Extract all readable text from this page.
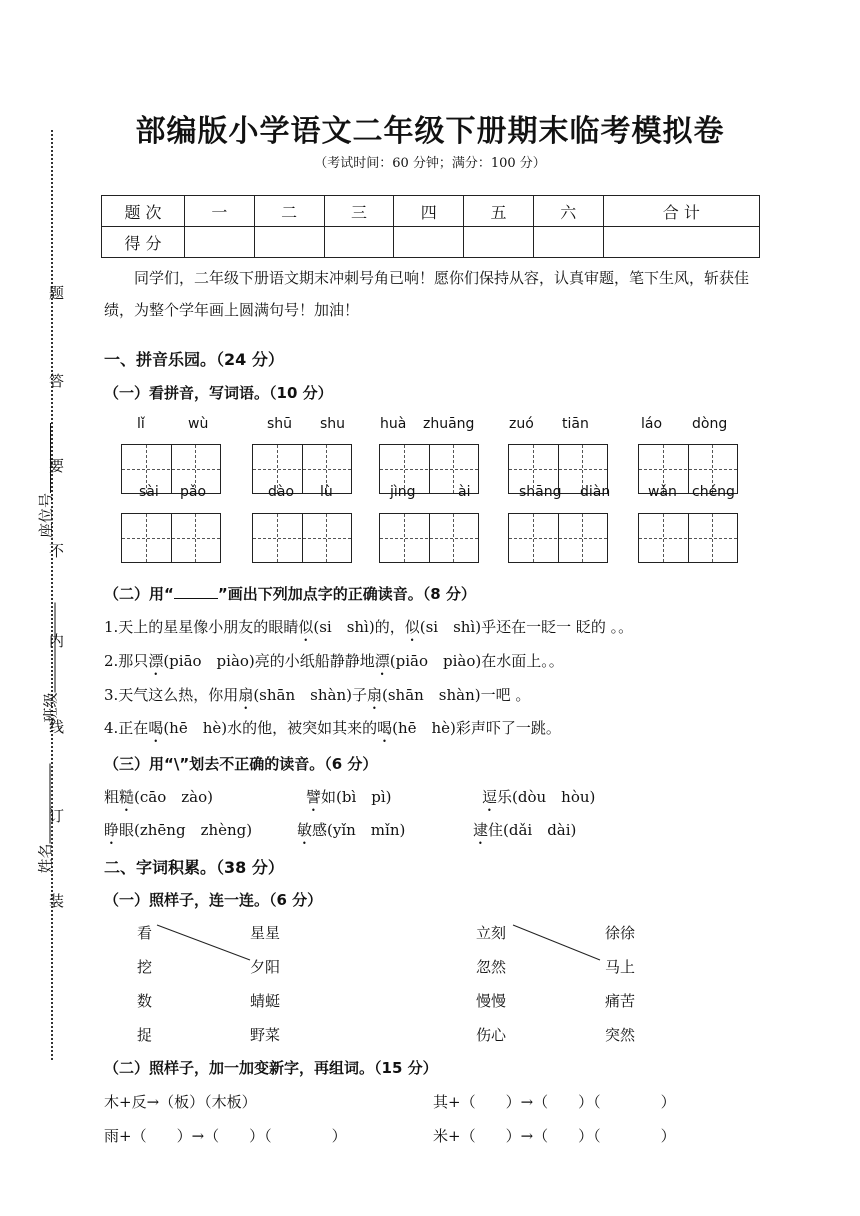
题
答
要
不
内
线
订
装
座位号
班级
姓名
部编版小学语文二年级下册期末临考模拟卷
（考试时间：60 分钟；满分：100 分）
题 次	一	二	三	四	五	六	合 计
得 分							
同学们，二年级下册语文期末冲刺号角已响！愿你们保持从容，认真审题，笔下生风，斩获佳绩，为整个学年画上圆满句号！加油！
一、拼音乐园。（24 分）
（一）看拼音，写词语。（10 分）
lǐ	wù	shū shu huà zhuāng zuó tiān	láo dòng
sài pǎo	dào lù	jìng	ài	shāng diàn	wǎn chéng
（二）用“	”画出下列加点字的正确读音。（8 分）
1.天上的星星像小朋友的眼睛似(si　shì)的，似(si　shì)乎还在一眨一 眨的 。。
2.那只漂(piāo　piào)亮的小纸船静静地漂(piāo　piào)在水面上。。
3.天气这么热，你用扇(shān　shàn)子扇(shān　shàn)一吧 。
4.正在喝(hē　hè)水的他，被突如其来的喝(hē　hè)彩声吓了一跳。
（三）用“\”划去不正确的读音。（6 分）
粗糙(cāo　zào)	譬如(bì　pì)	逗乐(dòu　hòu)
睁眼(zhēng　zhèng)	敏感(yǐn　mǐn)	逮住(dǎi　dài)
二、字词积累。（38 分）
（一）照样子，连一连。（6 分）
看
挖
数
捉
星星
夕阳
蜻蜓
野菜
立刻
忽然
慢慢
伤心
徐徐
马上
痛苦
突然
（二）照样子，加一加变新字，再组词。（15 分）
木+反→（板）（木板）	其+（　　）→（　　）（　　　　）
雨+（　　）→（　　）（　　　　）	米+（　　）→（　　）（　　　　）
